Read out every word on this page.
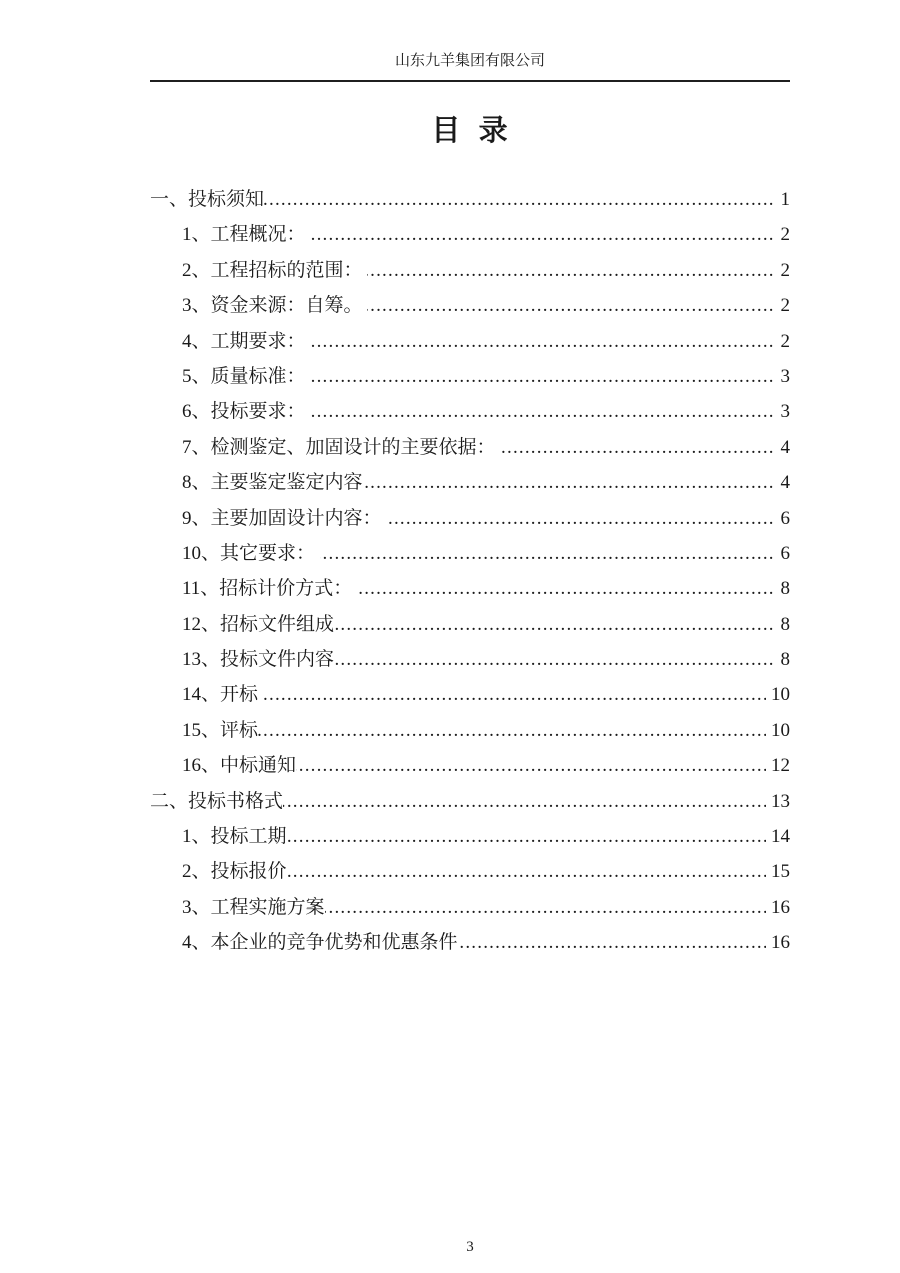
山东九羊集团有限公司
目 录
.....
一、投标须知	1
.....
1、工程概况：	2
.....
2、工程招标的范围：	2
.....
3、资金来源：自筹。	2
.....
4、工期要求：	2
.....
5、质量标准：	3
.....
6、投标要求：	3
.....
7、检测鉴定、加固设计的主要依据：	4
.....
8、主要鉴定鉴定内容	4
.....
9、主要加固设计内容：	6
.....
10、其它要求：	6
.....
11、招标计价方式：	8
.....
12、招标文件组成	8
.....
13、投标文件内容	8
.....
14、开标	10
.....
15、评标	10
.....
16、中标通知	12
.....
二、投标书格式	13
.....
1、投标工期	14
.....
2、投标报价	15
.....
3、工程实施方案	16
.....
4、本企业的竞争优势和优惠条件	16
3
